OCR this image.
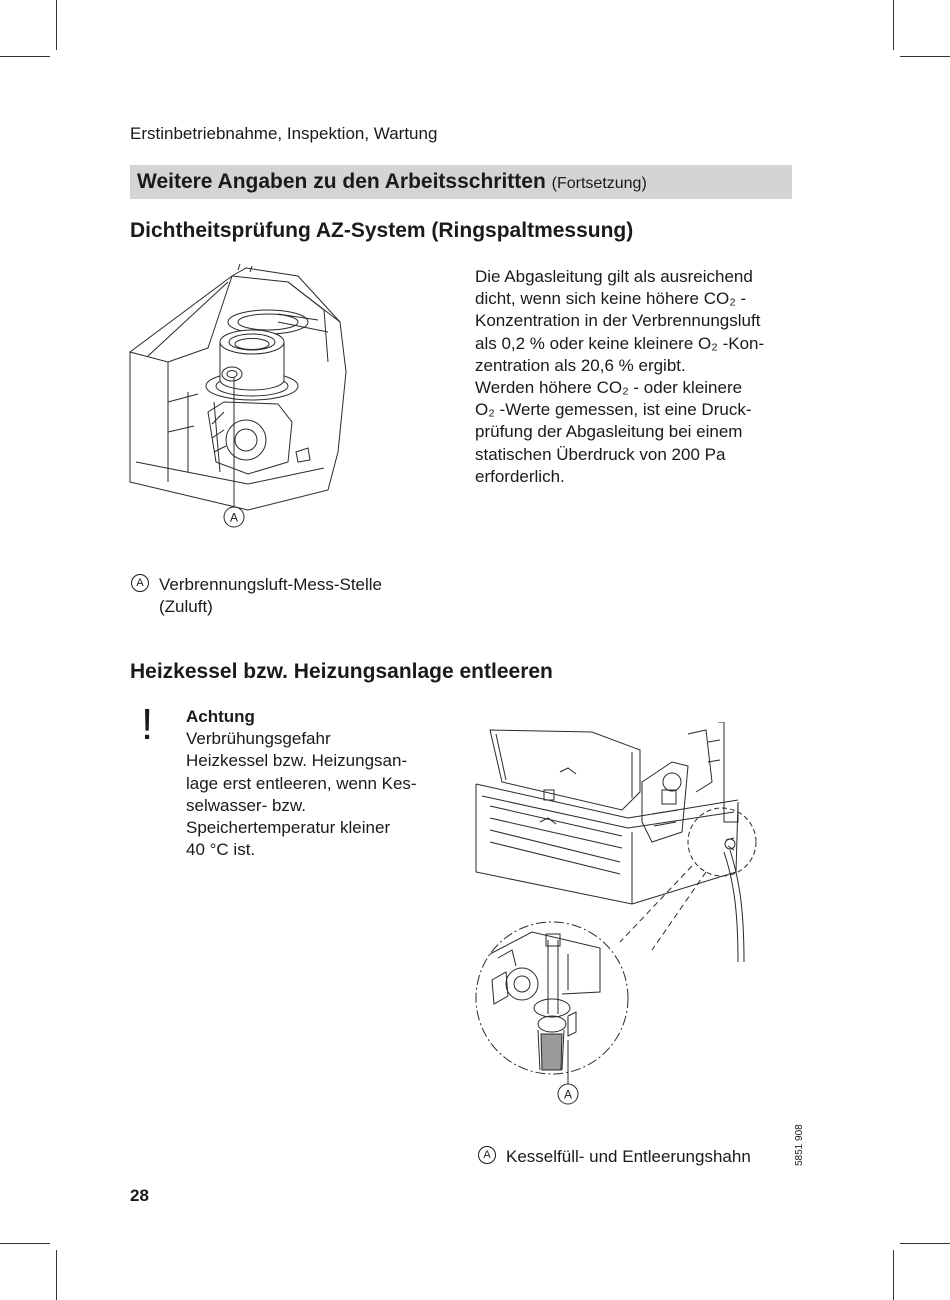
Erstinbetriebnahme, Inspektion, Wartung
Weitere Angaben zu den Arbeitsschritten (Fortsetzung)
Dichtheitsprüfung AZ-System (Ringspaltmessung)
A
Die Abgasleitung gilt als ausreichend
dicht, wenn sich keine höhere CO₂ -
Konzentration in der Verbrennungsluft
als 0,2 % oder keine kleinere O₂ -Kon-
zentration als 20,6 % ergibt.
Werden höhere CO₂ - oder kleinere
O₂ -Werte gemessen, ist eine Druck-
prüfung der Abgasleitung bei einem
statischen Überdruck von 200 Pa
erforderlich.
A Verbrennungsluft-Mess-Stelle
(Zuluft)
Heizkessel bzw. Heizungsanlage entleeren
! Achtung
Verbrühungsgefahr
Heizkessel bzw. Heizungsan-
lage erst entleeren, wenn Kes-
selwasser- bzw.
Speichertemperatur kleiner
40 °C ist.
A
A Kesselfüll- und Entleerungshahn	5851 908
28
